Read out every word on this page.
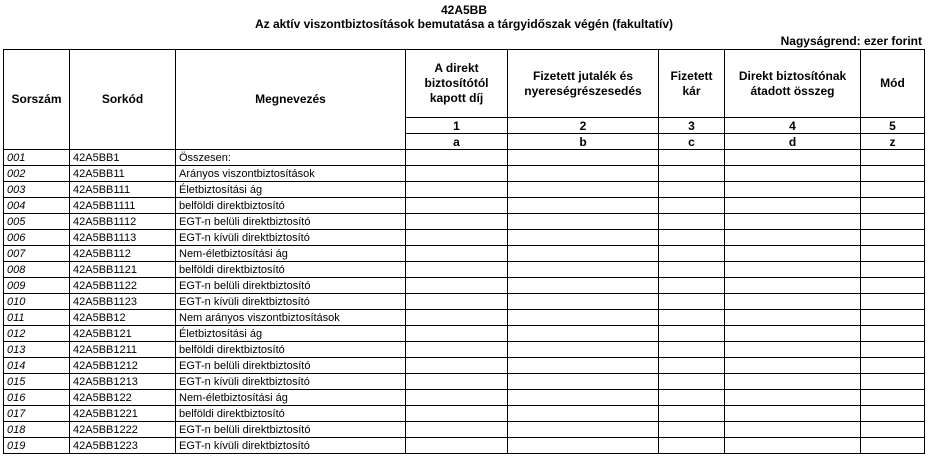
42A5BB
Az aktív viszontbiztosítások bemutatása a tárgyidőszak végén (fakultatív)
Nagyságrend: ezer forint
Sorszám	Sorkód	Megnevezés	A direkt biztosítótól kapott díj	Fizetett jutalék és nyereségrészesedés	Fizetett kár	Direkt biztosítónak átadott összeg	Mód
			1	2	3	4	5
			a	b	c	d	z
001	42A5BB1	Összesen:					
002	42A5BB11	Arányos viszontbiztosítások					
003	42A5BB111	Életbiztosítási ág					
004	42A5BB1111	belföldi direktbiztosító					
005	42A5BB1112	EGT-n belüli direktbiztosító					
006	42A5BB1113	EGT-n kívüli direktbiztosító					
007	42A5BB112	Nem-életbiztosítási ág					
008	42A5BB1121	belföldi direktbiztosító					
009	42A5BB1122	EGT-n belüli direktbiztosító					
010	42A5BB1123	EGT-n kívüli direktbiztosító					
011	42A5BB12	Nem arányos viszontbiztosítások					
012	42A5BB121	Életbiztosítási ág					
013	42A5BB1211	belföldi direktbiztosító					
014	42A5BB1212	EGT-n belüli direktbiztosító					
015	42A5BB1213	EGT-n kívüli direktbiztosító					
016	42A5BB122	Nem-életbiztosítási ág					
017	42A5BB1221	belföldi direktbiztosító					
018	42A5BB1222	EGT-n belüli direktbiztosító					
019	42A5BB1223	EGT-n kívüli direktbiztosító					
